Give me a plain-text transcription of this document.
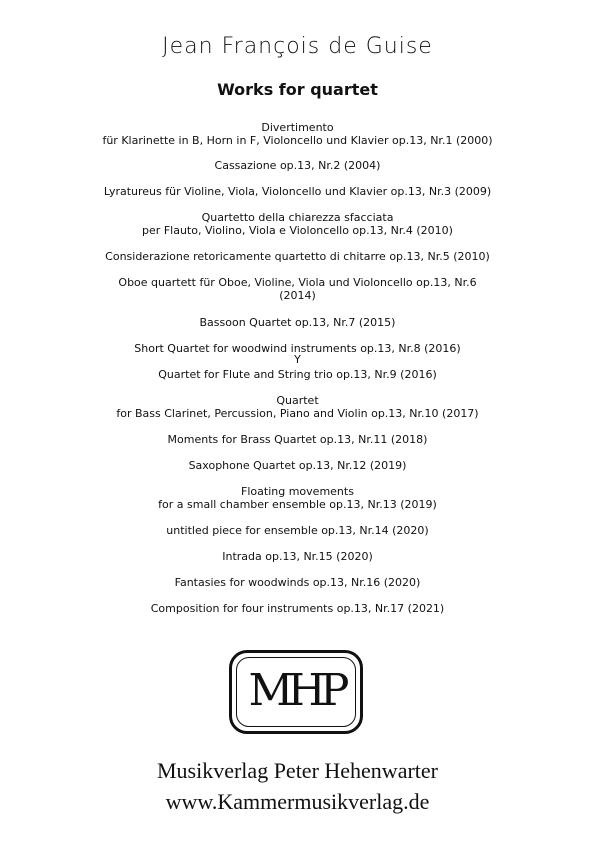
Jean François de Guise
Works for quartet
Divertimento
für Klarinette in B, Horn in F, Violoncello und Klavier op.13, Nr.1 (2000)
Cassazione op.13, Nr.2 (2004)
Lyratureus für Violine, Viola, Violoncello und Klavier op.13, Nr.3 (2009)
Quartetto della chiarezza sfacciata
per Flauto, Violino, Viola e Violoncello op.13, Nr.4 (2010)
Considerazione retoricamente quartetto di chitarre op.13, Nr.5 (2010)
Oboe quartett für Oboe, Violine, Viola und Violoncello op.13, Nr.6
(2014)
Bassoon Quartet op.13, Nr.7 (2015)
Short Quartet for woodwind instruments op.13, Nr.8 (2016)
Y
Quartet for Flute and String trio op.13, Nr.9 (2016)
Quartet
for Bass Clarinet, Percussion, Piano and Violin op.13, Nr.10 (2017)
Moments for Brass Quartet op.13, Nr.11 (2018)
Saxophone Quartet op.13, Nr.12 (2019)
Floating movements
for a small chamber ensemble op.13, Nr.13 (2019)
untitled piece for ensemble op.13, Nr.14 (2020)
Intrada op.13, Nr.15 (2020)
Fantasies for woodwinds op.13, Nr.16 (2020)
Composition for four instruments op.13, Nr.17 (2021)
MHP
Musikverlag Peter Hehenwarter
www.Kammermusikverlag.de
